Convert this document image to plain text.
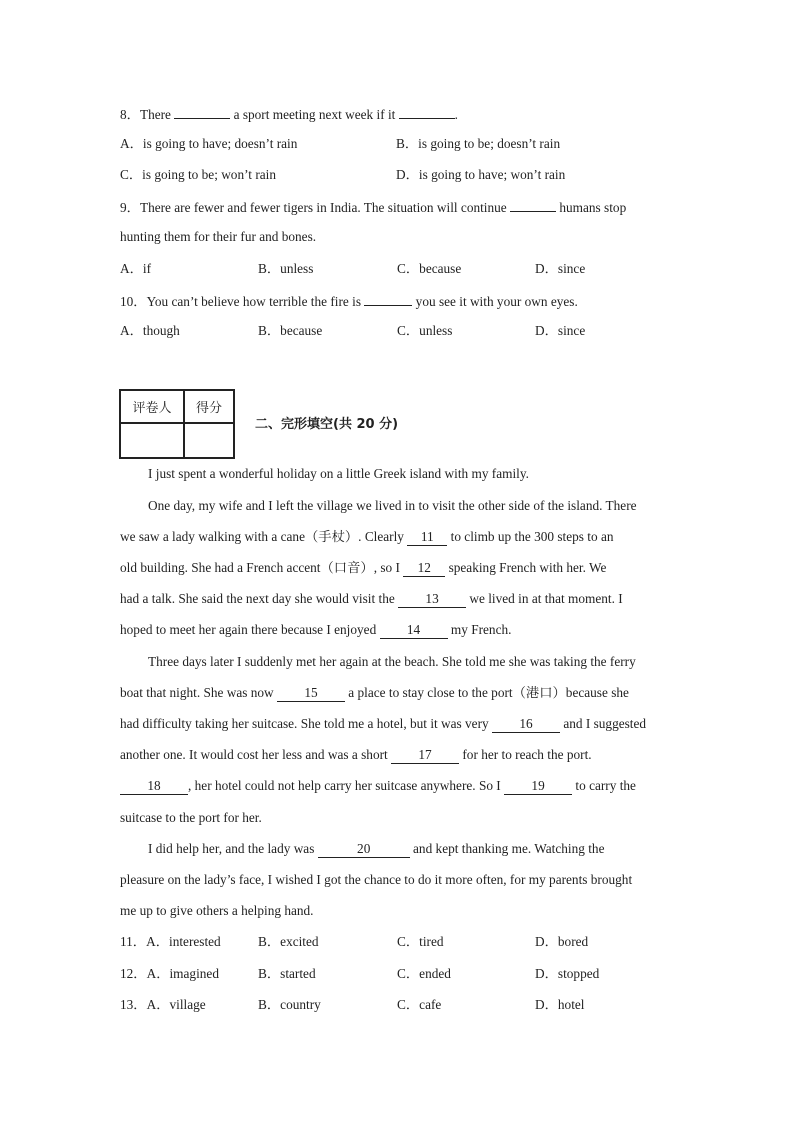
8．There	a sport meeting next week if it	.
A．is going to have; doesn’t rain	B．is going to be; doesn’t rain
C．is going to be; won’t rain	D．is going to have; won’t rain
9．There are fewer and fewer tigers in India. The situation will continue	humans stop
hunting them for their fur and bones.
A．if	B．unless	C．because	D．since
10．You can’t believe how terrible the fire is	you see it with your own eyes.
A．though	B．because	C．unless	D．since
评卷人	得分

二、完形填空(共 20 分)
I just spent a wonderful holiday on a little Greek island with my family.
One day, my wife and I left the village we lived in to visit the other side of the island. There
we saw a lady walking with a cane（手杖）. Clearly 11 to climb up the 300 steps to an
old building. She had a French accent（口音）, so I 12 speaking French with her. We
had a talk. She said the next day she would visit the 13 we lived in at that moment. I
hoped to meet her again there because I enjoyed 14 my French.
Three days later I suddenly met her again at the beach. She told me she was taking the ferry
boat that night. She was now 15 a place to stay close to the port（港口）because she
had difficulty taking her suitcase. She told me a hotel, but it was very 16 and I suggested
another one. It would cost her less and was a short 17 for her to reach the port.
18 , her hotel could not help carry her suitcase anywhere. So I 19 to carry the
suitcase to the port for her.
I did help her, and the lady was	20	and kept thanking me. Watching the
pleasure on the lady’s face, I wished I got the chance to do it more often, for my parents brought
me up to give others a helping hand.
11．A．interested	B．excited	C．tired	D．bored
12．A．imagined	B．started	C．ended	D．stopped
13．A．village	B．country	C．cafe	D．hotel
